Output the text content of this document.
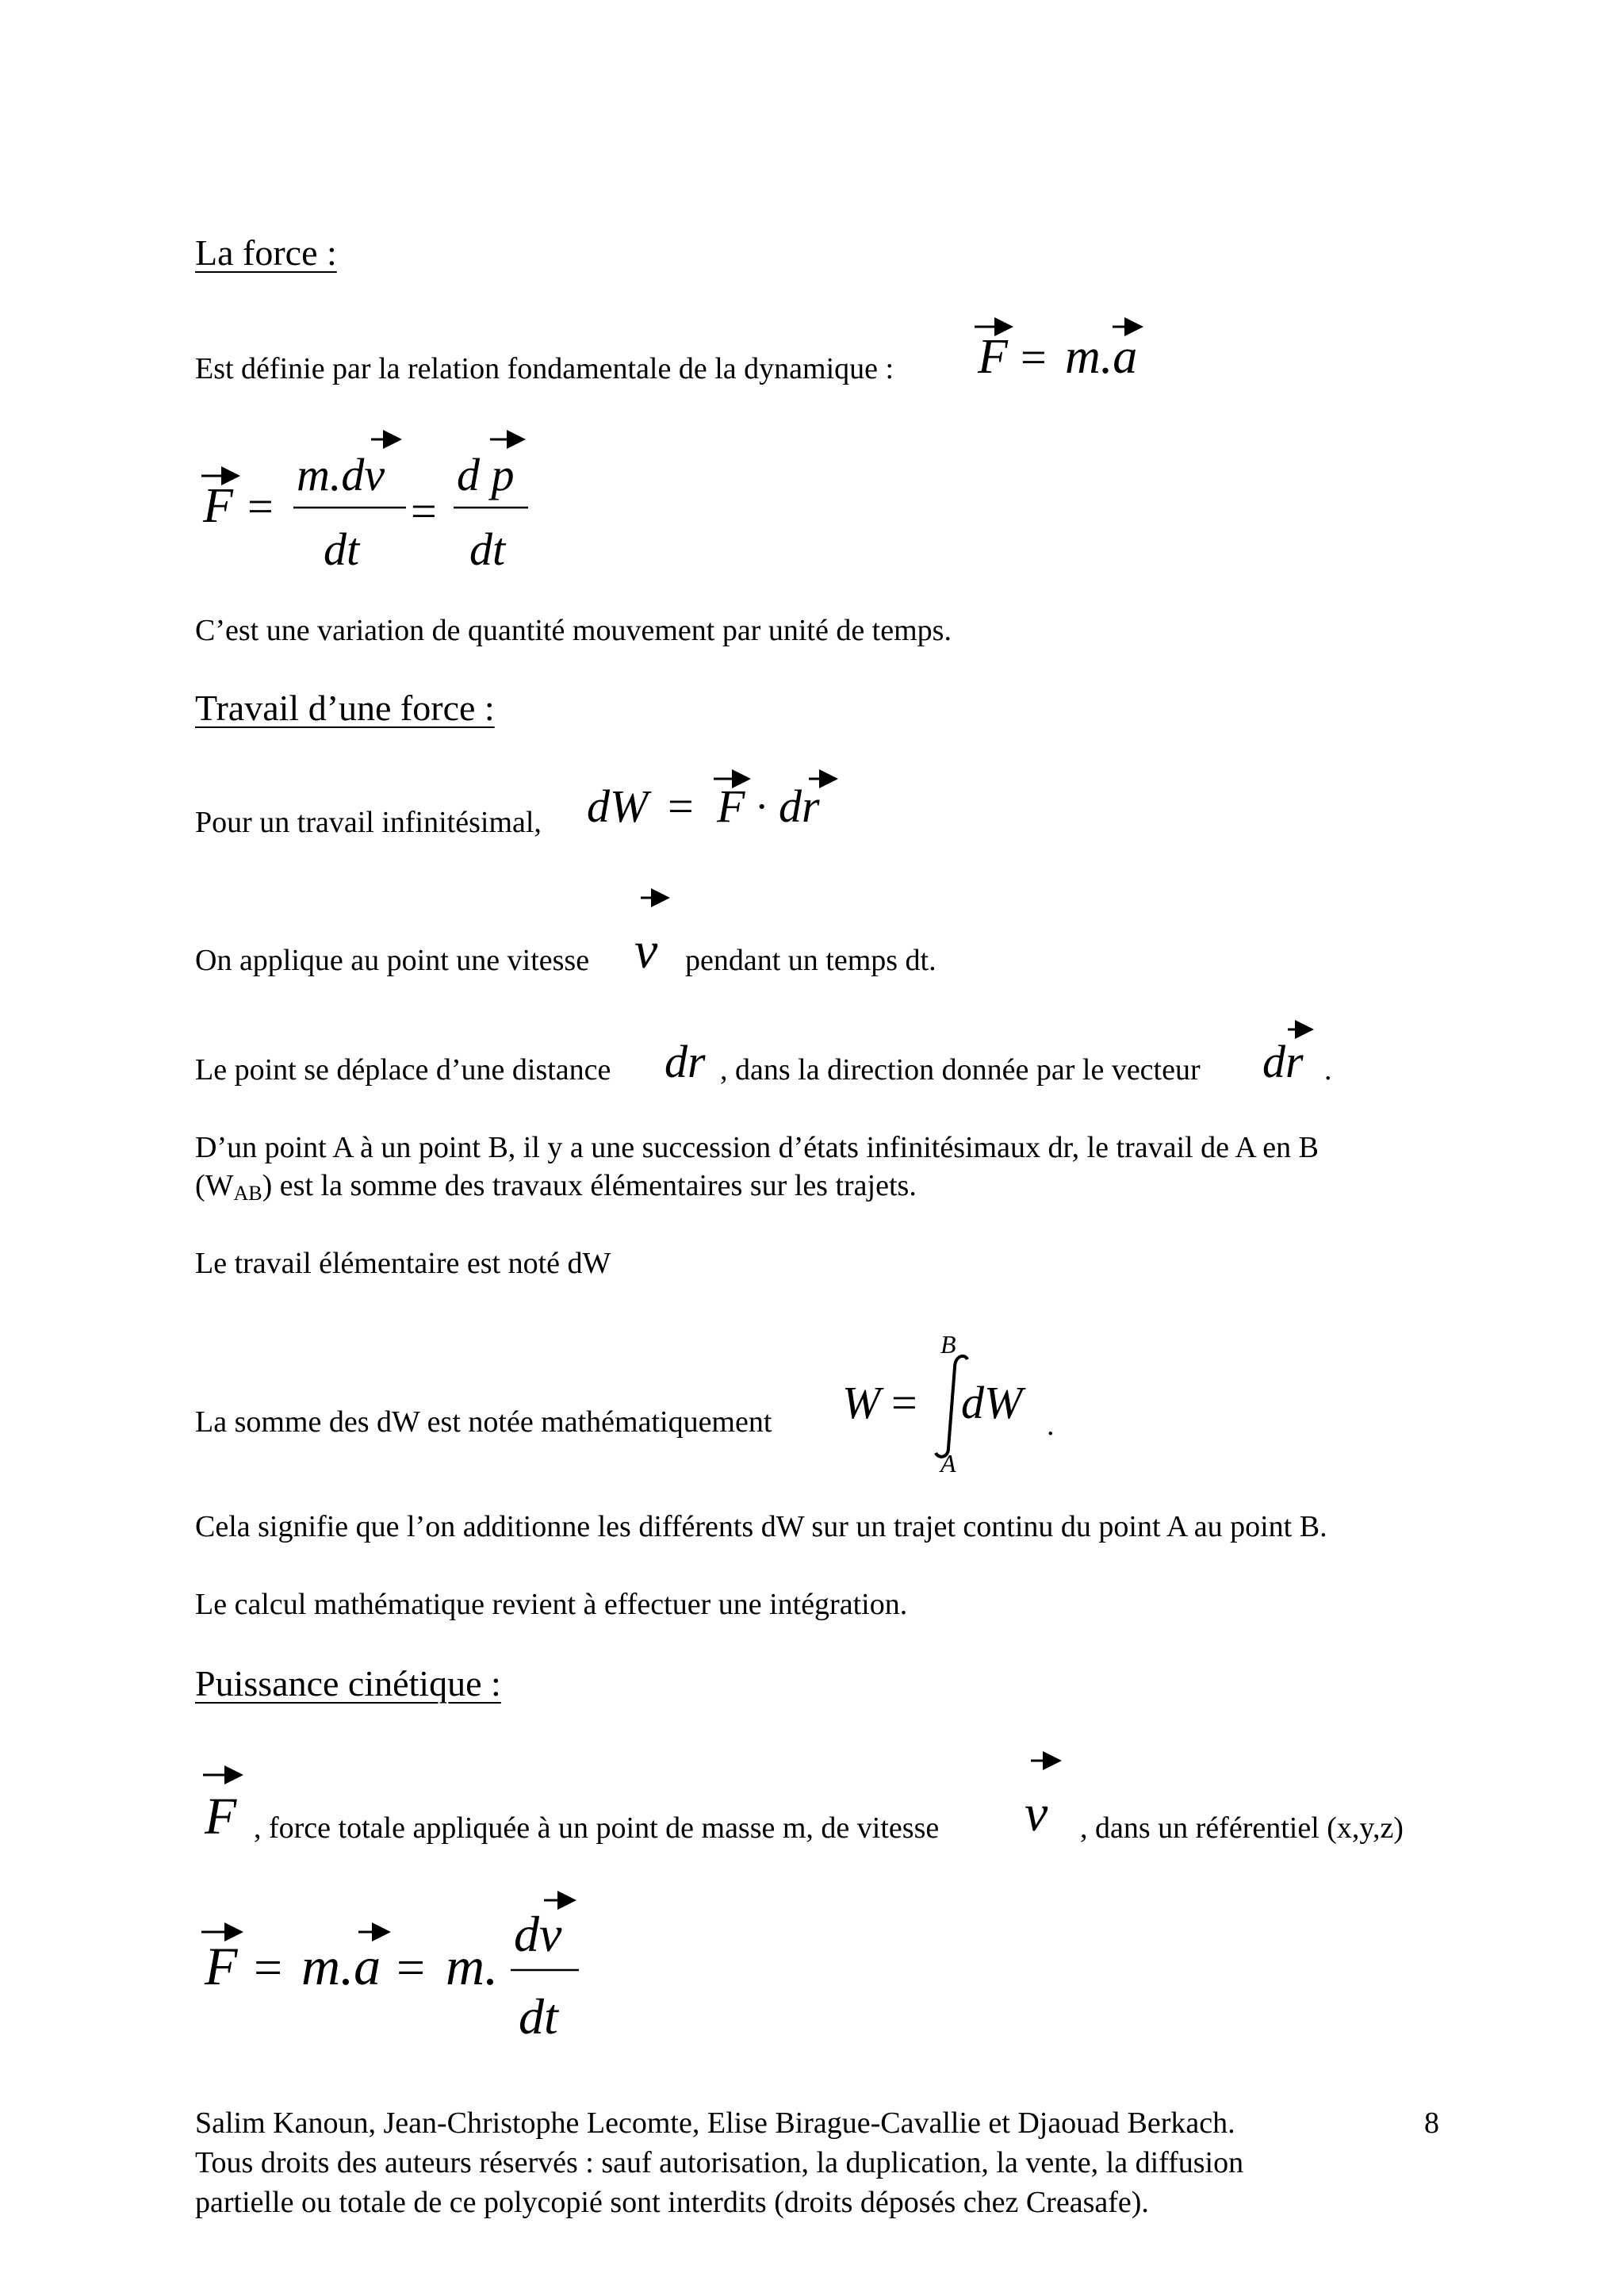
La force :
Est définie par la relation fondamentale de la dynamique : F = m.a
F =
m.dv
dt
=
d p
dt
C’est une variation de quantité mouvement par unité de temps.
Travail d’une force :
Pour un travail infinitésimal, dW = F · dr
On applique au point une vitesse v pendant un temps dt.
Le point se déplace d’une distance dr , dans la direction donnée par le vecteur dr .
D’un point A à un point B, il y a une succession d’états infinitésimaux dr, le travail de A en B
$(W_{AB})$ est la somme des travaux élémentaires sur les trajets.
Le travail élémentaire est noté dW
La somme des dW est notée mathématiquement
B
W = dW
A
.
Cela signifie que l’on additionne les différents dW sur un trajet continu du point A au point B.
Le calcul mathématique revient à effectuer une intégration.
Puissance cinétique :
F , force totale appliquée à un point de masse m, de vitesse v , dans un référentiel (x,y,z)
F = m.a = m.
dv
dt
Salim Kanoun, Jean-Christophe Lecomte, Elise Birague-Cavallie et Djaouad Berkach.	8
Tous droits des auteurs réservés : sauf autorisation, la duplication, la vente, la diffusion
partielle ou totale de ce polycopié sont interdits (droits déposés chez Creasafe).
